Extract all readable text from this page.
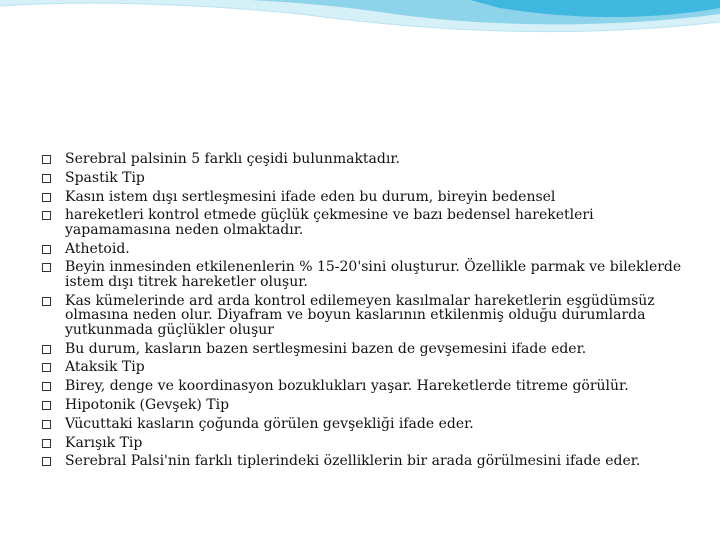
Serebral palsinin 5 farklı çeşidi bulunmaktadır.
Spastik Tip
Kasın istem dışı sertleşmesini ifade eden bu durum, bireyin bedensel
hareketleri kontrol etmede güçlük çekmesine ve bazı bedensel hareketleri yapamamasına neden olmaktadır.
Athetoid.
Beyin inmesinden etkilenenlerin % 15-20'sini oluşturur. Özellikle parmak ve bileklerde istem dışı titrek hareketler oluşur.
Kas kümelerinde ard arda kontrol edilemeyen kasılmalar hareketlerin eşgüdümsüz olmasına neden olur. Diyafram ve boyun kaslarının etkilenmiş olduğu durumlarda yutkunmada güçlükler oluşur
Bu durum, kasların bazen sertleşmesini bazen de gevşemesini ifade eder.
Ataksik Tip
Birey, denge ve koordinasyon bozuklukları yaşar. Hareketlerde titreme görülür.
Hipotonik (Gevşek) Tip
Vücuttaki kasların çoğunda görülen gevşekliği ifade eder.
Karışık Tip
Serebral Palsi'nin farklı tiplerindeki özelliklerin bir arada görülmesini ifade eder.
